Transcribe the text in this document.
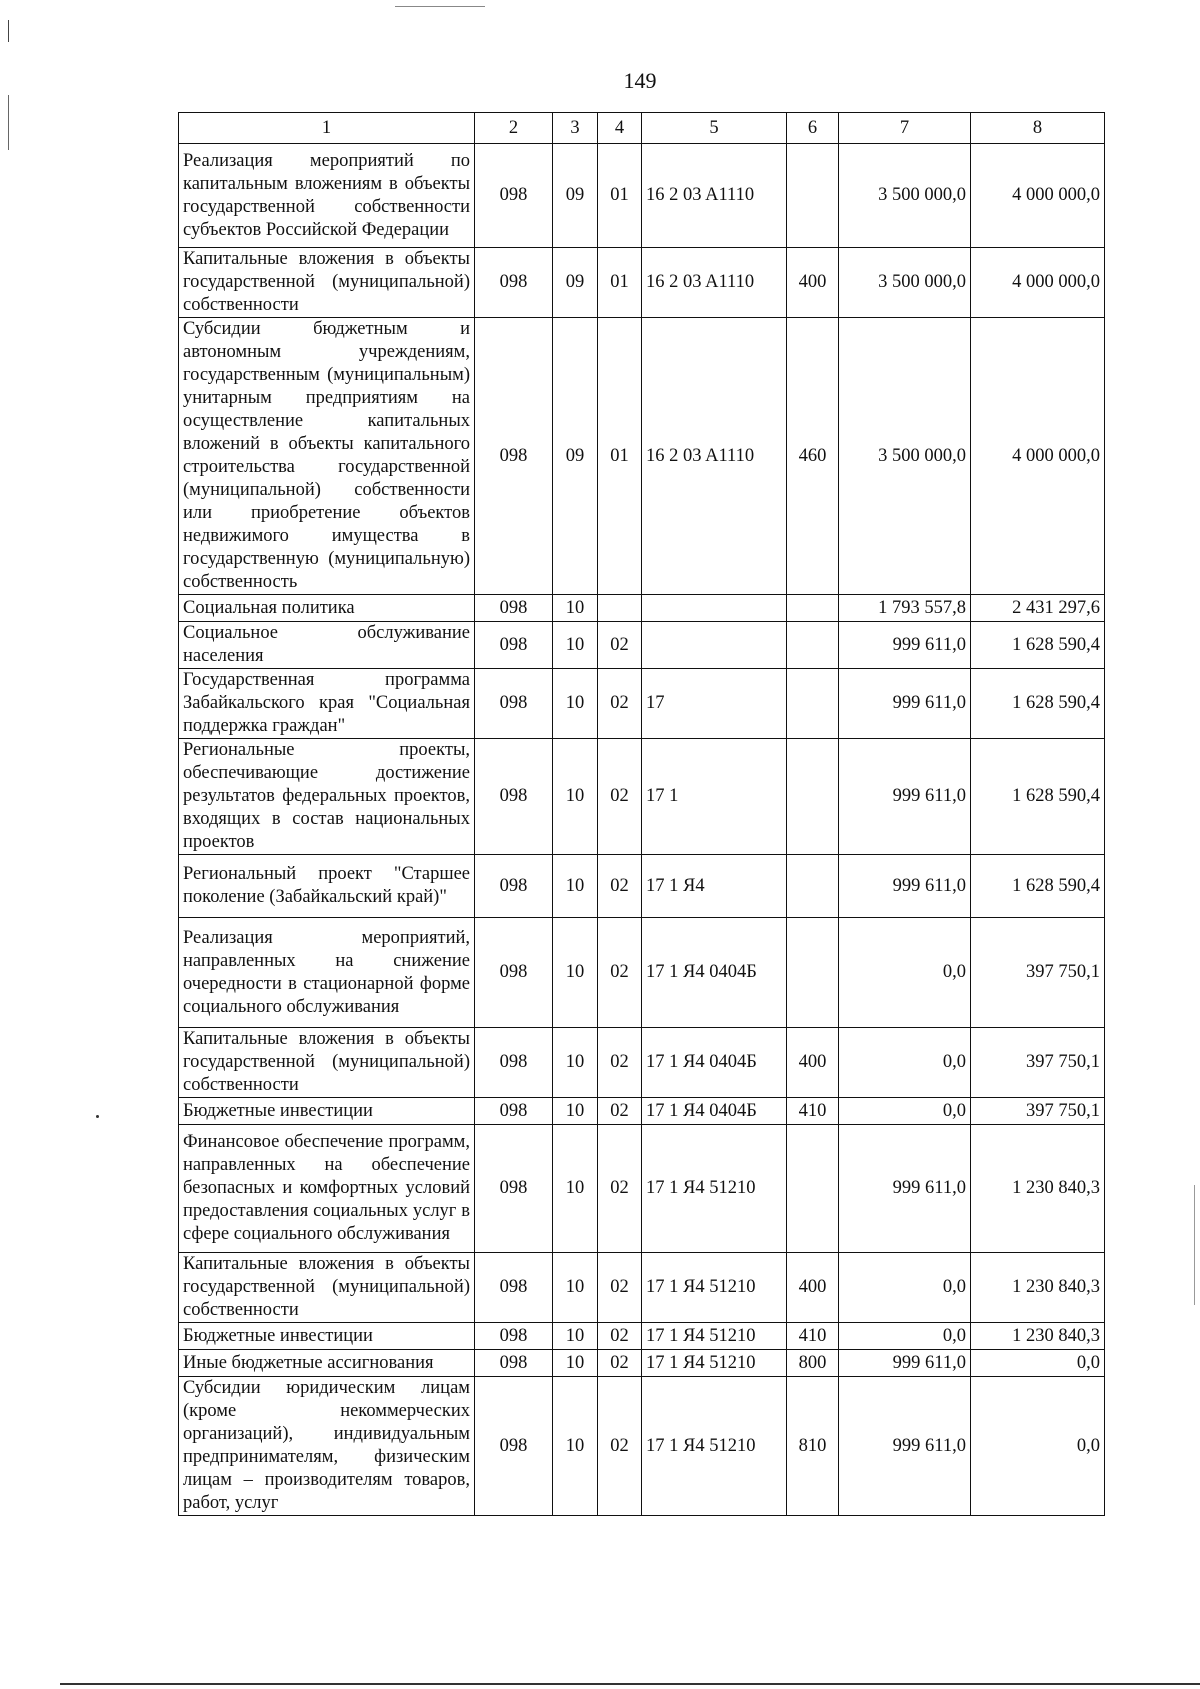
149
1	2	3	4	5	6	7	8
Реализация мероприятий по капитальным вложениям в объекты государственной собственности субъектов Российской Федерации	098	09	01	16 2 03 A1110		3 500 000,0	4 000 000,0
Капитальные вложения в объекты государственной (муниципальной) собственности	098	09	01	16 2 03 A1110	400	3 500 000,0	4 000 000,0
Субсидии бюджетным и автономным учреждениям, государственным (муниципальным) унитарным предприятиям на осуществление капитальных вложений в объекты капитального строительства государственной (муниципальной) собственности или приобретение объектов недвижимого имущества в государственную (муниципальную) собственность	098	09	01	16 2 03 A1110	460	3 500 000,0	4 000 000,0
Социальная политика	098	10				1 793 557,8	2 431 297,6
Социальное обслуживание населения	098	10	02			999 611,0	1 628 590,4
Государственная программа Забайкальского края "Социальная поддержка граждан"	098	10	02	17		999 611,0	1 628 590,4
Региональные проекты, обеспечивающие достижение результатов федеральных проектов, входящих в состав национальных проектов	098	10	02	17 1		999 611,0	1 628 590,4
Региональный проект "Старшее поколение (Забайкальский край)"	098	10	02	17 1 Я4		999 611,0	1 628 590,4
Реализация мероприятий, направленных на снижение очередности в стационарной форме социального обслуживания	098	10	02	17 1 Я4 0404Б		0,0	397 750,1
Капитальные вложения в объекты государственной (муниципальной) собственности	098	10	02	17 1 Я4 0404Б	400	0,0	397 750,1
Бюджетные инвестиции	098	10	02	17 1 Я4 0404Б	410	0,0	397 750,1
Финансовое обеспечение программ, направленных на обеспечение безопасных и комфортных условий предоставления социальных услуг в сфере социального обслуживания	098	10	02	17 1 Я4 51210		999 611,0	1 230 840,3
Капитальные вложения в объекты государственной (муниципальной) собственности	098	10	02	17 1 Я4 51210	400	0,0	1 230 840,3
Бюджетные инвестиции	098	10	02	17 1 Я4 51210	410	0,0	1 230 840,3
Иные бюджетные ассигнования	098	10	02	17 1 Я4 51210	800	999 611,0	0,0
Субсидии юридическим лицам (кроме некоммерческих организаций), индивидуальным предпринимателям, физическим лицам – производителям товаров, работ, услуг	098	10	02	17 1 Я4 51210	810	999 611,0	0,0
